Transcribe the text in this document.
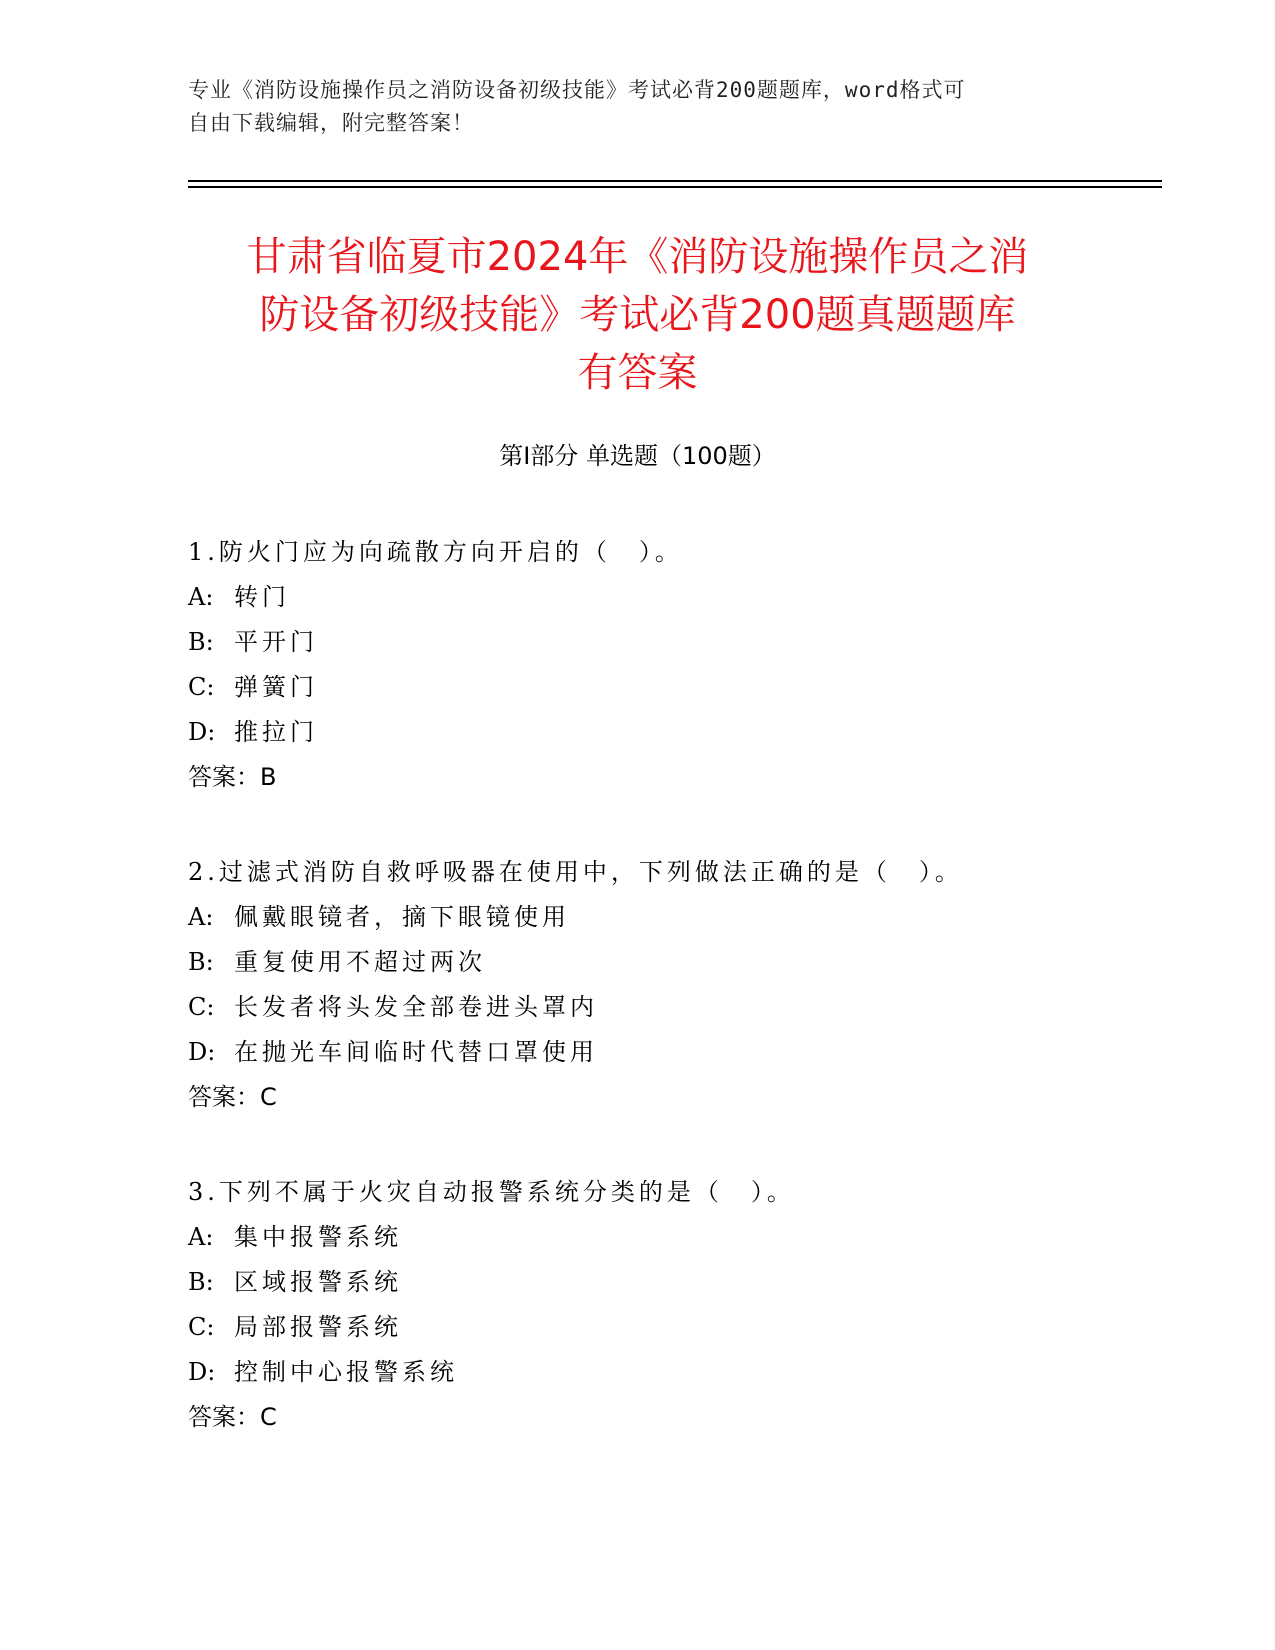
专业《消防设施操作员之消防设备初级技能》考试必背200题题库，word格式可
自由下载编辑，附完整答案！
甘肃省临夏市2024年《消防设施操作员之消
防设备初级技能》考试必背200题真题题库
有答案
第Ⅰ部分 单选题（100题）
1.防火门应为向疏散方向开启的（　）。
A: 转门
B: 平开门
C: 弹簧门
D: 推拉门
答案：B
2.过滤式消防自救呼吸器在使用中，下列做法正确的是（　）。
A: 佩戴眼镜者，摘下眼镜使用
B: 重复使用不超过两次
C: 长发者将头发全部卷进头罩内
D: 在抛光车间临时代替口罩使用
答案：C
3.下列不属于火灾自动报警系统分类的是（　）。
A: 集中报警系统
B: 区域报警系统
C: 局部报警系统
D: 控制中心报警系统
答案：C
